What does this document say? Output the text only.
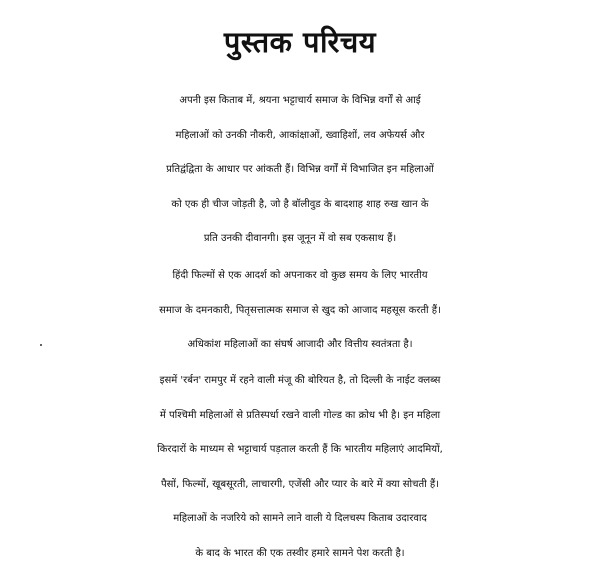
पुस्तक परिचय
अपनी इस किताब में, श्रयना भट्टाचार्य समाज के विभिन्न वर्गों से आई
महिलाओं को उनकी नौकरी, आकांक्षाओं, ख्वाहिशों, लव अफेयर्स और
प्रतिद्वंद्विता के आधार पर आंकती हैं। विभिन्न वर्गों में विभाजित इन महिलाओं
को एक ही चीज जोड़ती है, जो है बॉलीवुड के बादशाह शाह रुख खान के
प्रति उनकी दीवानगी। इस जूनून में वो सब एकसाथ हैं।
हिंदी फिल्मों से एक आदर्श को अपनाकर वो कुछ समय के लिए भारतीय
समाज के दमनकारी, पितृसत्तात्मक समाज से खुद को आजाद महसूस करती हैं।
अधिकांश महिलाओं का संघर्ष आजादी और वित्तीय स्वतंत्रता है।
इसमें 'रर्बन' रामपुर में रहने वाली मंजू की बोरियत है, तो दिल्ली के नाईट क्लब्स
में पश्चिमी महिलाओं से प्रतिस्पर्धा रखने वाली गोल्ड का क्रोध भी है। इन महिला
किरदारों के माध्यम से भट्टाचार्य पड़ताल करती हैं कि भारतीय महिलाएं आदमियों,
पैसों, फिल्मों, खूबसूरती, लाचारगी, एजेंसी और प्यार के बारे में क्या सोचती हैं।
महिलाओं के नजरिये को सामने लाने वाली ये दिलचस्प किताब उदारवाद
के बाद के भारत की एक तस्वीर हमारे सामने पेश करती है।
